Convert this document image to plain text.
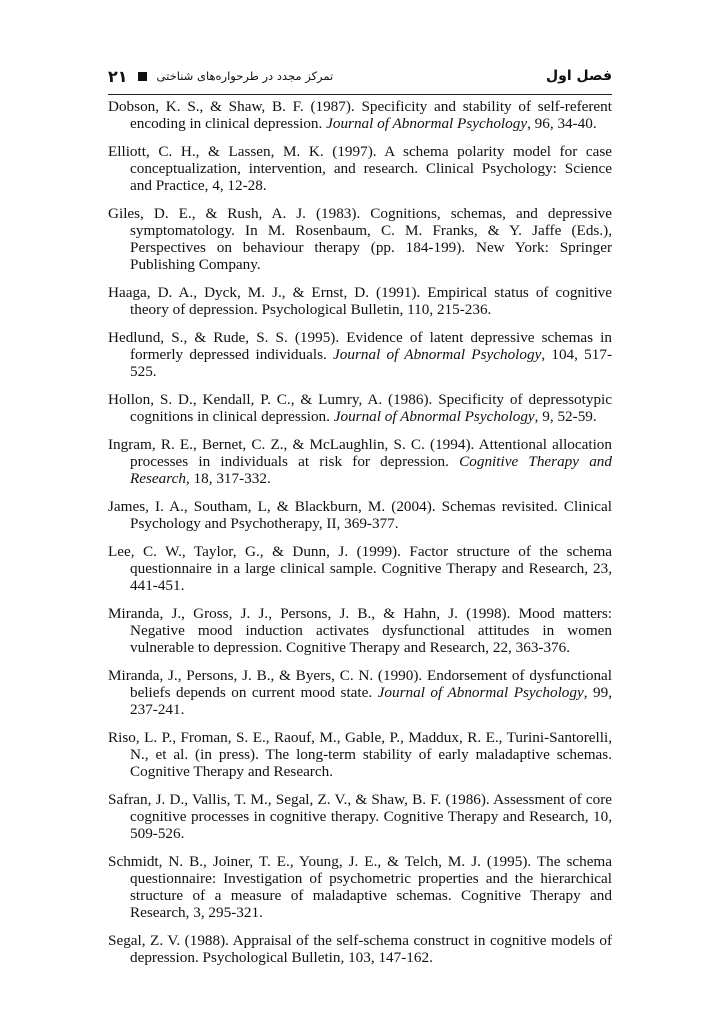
۲۱	تمرکز مجدد در طرحواره‌های شناختی	فصل اول
Dobson, K. S., & Shaw, B. F. (1987). Specificity and stability of self-referent encoding in clinical depression. Journal of Abnormal Psychology, 96, 34-40.
Elliott, C. H., & Lassen, M. K. (1997). A schema polarity model for case conceptualization, intervention, and research. Clinical Psychology: Science and Practice, 4, 12-28.
Giles, D. E., & Rush, A. J. (1983). Cognitions, schemas, and depressive symptomatology. In M. Rosenbaum, C. M. Franks, & Y. Jaffe (Eds.), Perspectives on behaviour therapy (pp. 184-199). New York: Springer Publishing Company.
Haaga, D. A., Dyck, M. J., & Ernst, D. (1991). Empirical status of cognitive theory of depression. Psychological Bulletin, 110, 215-236.
Hedlund, S., & Rude, S. S. (1995). Evidence of latent depressive schemas in formerly depressed individuals. Journal of Abnormal Psychology, 104, 517-525.
Hollon, S. D., Kendall, P. C., & Lumry, A. (1986). Specificity of depressotypic cognitions in clinical depression. Journal of Abnormal Psychology, 9, 52-59.
Ingram, R. E., Bernet, C. Z., & McLaughlin, S. C. (1994). Attentional allocation processes in individuals at risk for depression. Cognitive Therapy and Research, 18, 317-332.
James, I. A., Southam, L, & Blackburn, M. (2004). Schemas revisited. Clinical Psychology and Psychotherapy, II, 369-377.
Lee, C. W., Taylor, G., & Dunn, J. (1999). Factor structure of the schema questionnaire in a large clinical sample. Cognitive Therapy and Research, 23, 441-451.
Miranda, J., Gross, J. J., Persons, J. B., & Hahn, J. (1998). Mood matters: Negative mood induction activates dysfunctional attitudes in women vulnerable to depression. Cognitive Therapy and Research, 22, 363-376.
Miranda, J., Persons, J. B., & Byers, C. N. (1990). Endorsement of dysfunctional beliefs depends on current mood state. Journal of Abnormal Psychology, 99, 237-241.
Riso, L. P., Froman, S. E., Raouf, M., Gable, P., Maddux, R. E., Turini-Santorelli, N., et al. (in press). The long-term stability of early maladaptive schemas. Cognitive Therapy and Research.
Safran, J. D., Vallis, T. M., Segal, Z. V., & Shaw, B. F. (1986). Assessment of core cognitive processes in cognitive therapy. Cognitive Therapy and Research, 10, 509-526.
Schmidt, N. B., Joiner, T. E., Young, J. E., & Telch, M. J. (1995). The schema questionnaire: Investigation of psychometric properties and the hierarchical structure of a measure of maladaptive schemas. Cognitive Therapy and Research, 3, 295-321.
Segal, Z. V. (1988). Appraisal of the self-schema construct in cognitive models of depression. Psychological Bulletin, 103, 147-162.
